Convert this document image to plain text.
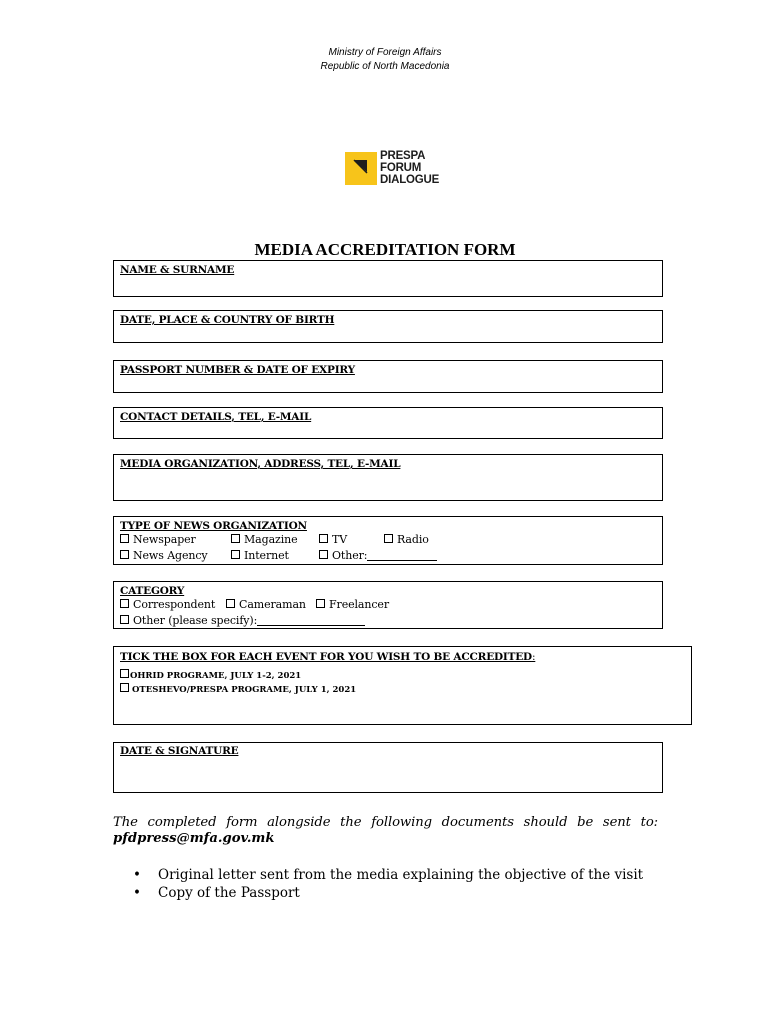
Ministry of Foreign Affairs
Republic of North Macedonia
PRESPA
FORUM
DIALOGUE
MEDIA ACCREDITATION FORM
NAME & SURNAME
DATE, PLACE & COUNTRY OF BIRTH
PASSPORT NUMBER & DATE OF EXPIRY
CONTACT DETAILS, TEL, E-MAIL
MEDIA ORGANIZATION, ADDRESS, TEL, E-MAIL
TYPE OF NEWS ORGANIZATION
Newspaper	Magazine	TV	Radio
News Agency	Internet	Other:
CATEGORY
Correspondent	Cameraman	Freelancer
Other (please specify):
TICK THE BOX FOR EACH EVENT FOR YOU WISH TO BE ACCREDITED:
OHRID PROGRAME, JULY 1-2, 2021
OTESHEVO/PRESPA PROGRAME, JULY 1, 2021
DATE & SIGNATURE
The completed form alongside the following documents should be sent to:
pfdpress@mfa.gov.mk
• Original letter sent from the media explaining the objective of the visit
• Copy of the Passport
